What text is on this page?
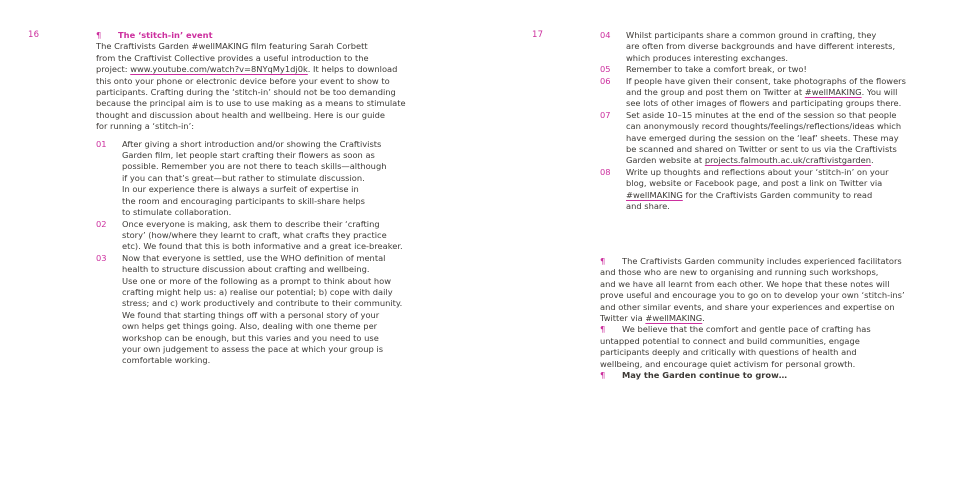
16	¶ The ‘stitch-in’ event

The Craftivists Garden #wellMAKING film featuring Sarah Corbett

from the Craftivist Collective provides a useful introduction to the

project: www.youtube.com/watch?v=8NYqMy1dj0k. It helps to download

this onto your phone or electronic device before your event to show to

participants. Crafting during the ‘stitch-in’ should not be too demanding

because the principal aim is to use to use making as a means to stimulate

thought and discussion about health and wellbeing. Here is our guide

for running a ‘stitch-in’:

01 After giving a short introduction and/or showing the Craftivists

Garden film, let people start crafting their flowers as soon as

possible. Remember you are not there to teach skills—although

if you can that’s great—but rather to stimulate discussion.

In our experience there is always a surfeit of expertise in

the room and encouraging participants to skill-share helps

to stimulate collaboration.

02 Once everyone is making, ask them to describe their ‘crafting

story’ (how/where they learnt to craft, what crafts they practice

etc). We found that this is both informative and a great ice-breaker.

03 Now that everyone is settled, use the WHO definition of mental

health to structure discussion about crafting and wellbeing.

Use one or more of the following as a prompt to think about how

crafting might help us: a) realise our potential; b) cope with daily

stress; and c) work productively and contribute to their community.

We found that starting things off with a personal story of your

own helps get things going. Also, dealing with one theme per

workshop can be enough, but this varies and you need to use

your own judgement to assess the pace at which your group is

comfortable working.

17	04 Whilst participants share a common ground in crafting, they

are often from diverse backgrounds and have different interests,

which produces interesting exchanges.

05 Remember to take a comfort break, or two!

06 If people have given their consent, take photographs of the flowers

and the group and post them on Twitter at #wellMAKING. You will

see lots of other images of flowers and participating groups there.

07 Set aside 10–15 minutes at the end of the session so that people

can anonymously record thoughts/feelings/reflections/ideas which

have emerged during the session on the ‘leaf’ sheets. These may

be scanned and shared on Twitter or sent to us via the Craftivists

Garden website at projects.falmouth.ac.uk/craftivistgarden.

08 Write up thoughts and reflections about your ‘stitch-in’ on your

blog, website or Facebook page, and post a link on Twitter via

#wellMAKING for the Craftivists Garden community to read

and share.

¶ The Craftivists Garden community includes experienced facilitators

and those who are new to organising and running such workshops,

and we have all learnt from each other. We hope that these notes will

prove useful and encourage you to go on to develop your own ‘stitch-ins’

and other similar events, and share your experiences and expertise on

Twitter via #wellMAKING.

¶ We believe that the comfort and gentle pace of crafting has

untapped potential to connect and build communities, engage

participants deeply and critically with questions of health and

wellbeing, and encourage quiet activism for personal growth.

¶ May the Garden continue to grow…
